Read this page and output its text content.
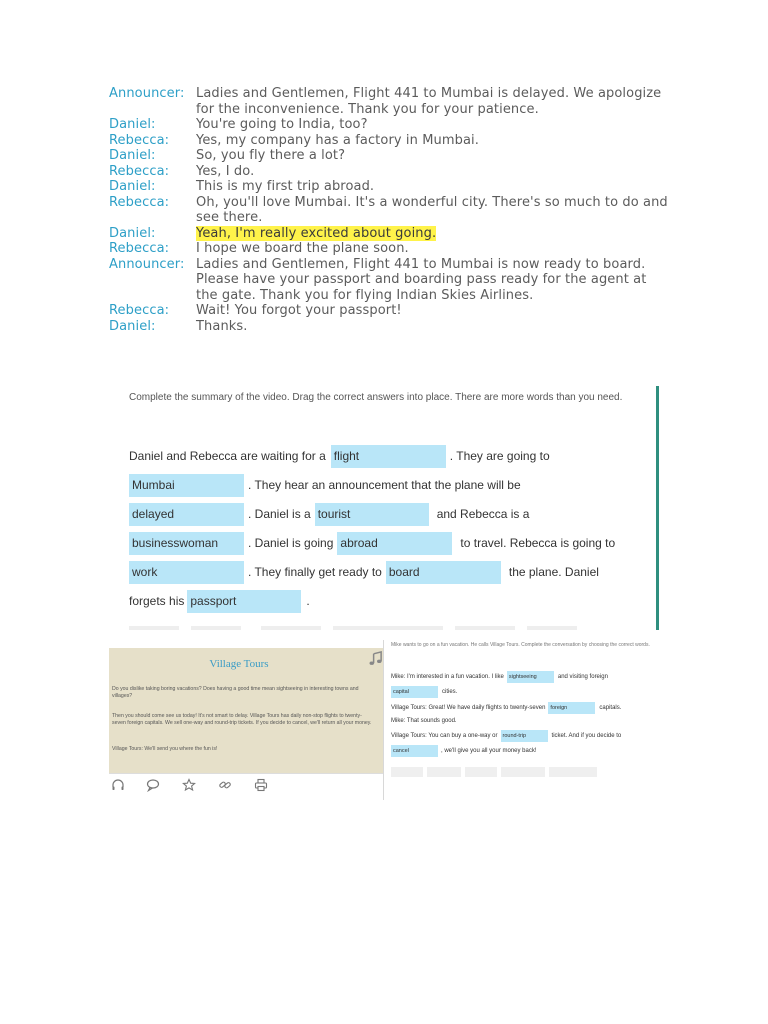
Announcer: Ladies and Gentlemen, Flight 441 to Mumbai is delayed. We apologize for the inconvenience. Thank you for your patience.
Daniel:	You're going to India, too?
Rebecca:	Yes, my company has a factory in Mumbai.
Daniel:	So, you fly there a lot?
Rebecca:	Yes, I do.
Daniel:	This is my first trip abroad.
Rebecca:	Oh, you'll love Mumbai. It's a wonderful city. There's so much to do and see there.
Daniel:	Yeah, I'm really excited about going.
Rebecca:	I hope we board the plane soon.
Announcer: Ladies and Gentlemen, Flight 441 to Mumbai is now ready to board. Please have your passport and boarding pass ready for the agent at the gate. Thank you for flying Indian Skies Airlines.
Rebecca:	Wait! You forgot your passport!
Daniel:	Thanks.
Complete the summary of the video. Drag the correct answers into place. There are more words than you need.
Daniel and Rebecca are waiting for a flight	. They are going to
Mumbai	. They hear an announcement that the plane will be
delayed	. Daniel is a tourist	and Rebecca is a
businesswoman	. Daniel is going abroad	to travel. Rebecca is going to
work	. They finally get ready to board	the plane. Daniel
forgets his passport	.
Village Tours
Do you dislike taking boring vacations? Does having a good time mean sightseeing in interesting towns and villages?
Then you should come see us today! It's not smart to delay. Village Tours has daily non-stop flights to twenty-seven foreign capitals. We sell one-way and round-trip tickets. If you decide to cancel, we'll return all your money.
Village Tours: We'll send you where the fun is!
Mike wants to go on a fun vacation. He calls Village Tours. Complete the conversation by choosing the correct words.
Mike: I'm interested in a fun vacation. I like sightseeing	and visiting foreign
capital	cities.
Village Tours: Great! We have daily flights to twenty-seven foreign	capitals.
Mike: That sounds good.
Village Tours: You can buy a one-way or round-trip	ticket. And if you decide to
cancel	, we'll give you all your money back!
